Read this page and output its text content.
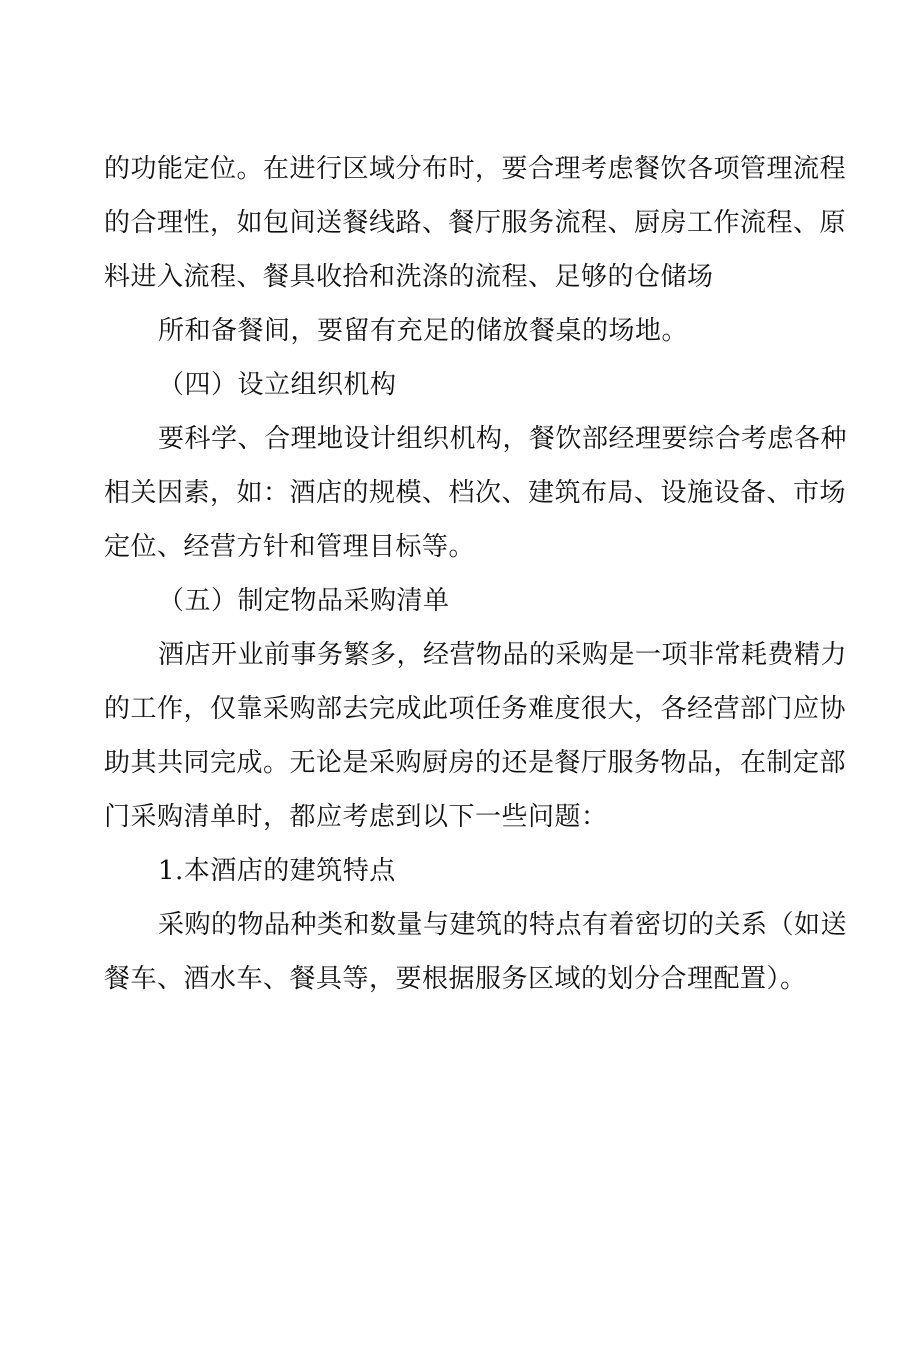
的功能定位。在进行区域分布时，要合理考虑餐饮各项管理流程
的合理性，如包间送餐线路、餐厅服务流程、厨房工作流程、原
料进入流程、餐具收拾和洗涤的流程、足够的仓储场
所和备餐间，要留有充足的储放餐桌的场地。
（四）设立组织机构
要科学、合理地设计组织机构，餐饮部经理要综合考虑各种
相关因素，如：酒店的规模、档次、建筑布局、设施设备、市场
定位、经营方针和管理目标等。
（五）制定物品采购清单
酒店开业前事务繁多，经营物品的采购是一项非常耗费精力
的工作，仅靠采购部去完成此项任务难度很大，各经营部门应协
助其共同完成。无论是采购厨房的还是餐厅服务物品，在制定部
门采购清单时，都应考虑到以下一些问题：
1.本酒店的建筑特点
采购的物品种类和数量与建筑的特点有着密切的关系（如送
餐车、酒水车、餐具等，要根据服务区域的划分合理配置）。
